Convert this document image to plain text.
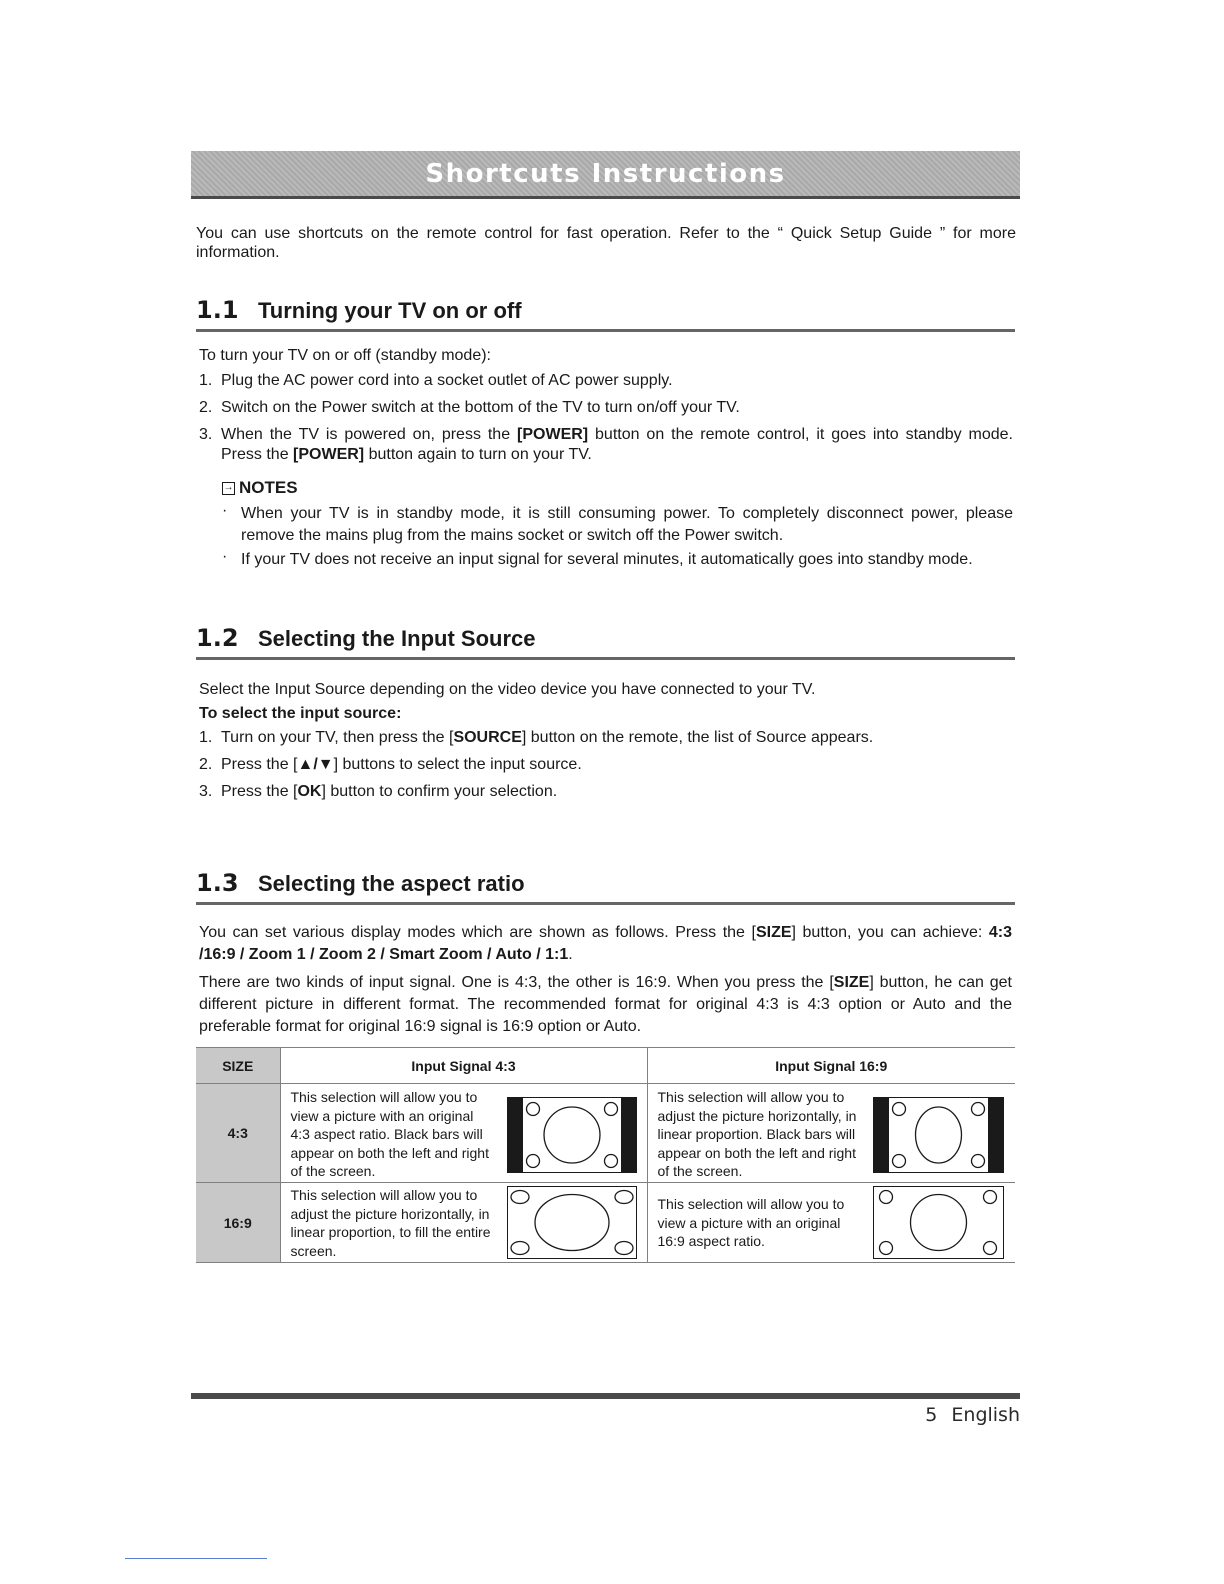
Shortcuts Instructions

You can use shortcuts on the remote control for fast operation. Refer to the “ Quick Setup Guide ” for more information.

1.1 Turning your TV on or off

To turn your TV on or off (standby mode):

1. Plug the AC power cord into a socket outlet of AC power supply.
2. Switch on the Power switch at the bottom of the TV to turn on/off your TV.
3. When the TV is powered on, press the [POWER] button on the remote control, it goes into standby mode. Press the [POWER] button again to turn on your TV.
→ NOTES
· When your TV is in standby mode, it is still consuming power. To completely disconnect power, please remove the mains plug from the mains socket or switch off the Power switch.
· If your TV does not receive an input signal for several minutes, it automatically goes into standby mode.
1.2 Selecting the Input Source

Select the Input Source depending on the video device you have connected to your TV.

To select the input source:

1. Turn on your TV, then press the [SOURCE] button on the remote, the list of Source appears.
2. Press the [▲/▼] buttons to select the input source.
3. Press the [OK] button to confirm your selection.
1.3 Selecting the aspect ratio

You can set various display modes which are shown as follows. Press the [SIZE] button, you can achieve: 4:3 /16:9 / Zoom 1 / Zoom 2 / Smart Zoom / Auto / 1:1.

There are two kinds of input signal. One is 4:3, the other is 16:9. When you press the [SIZE] button, he can get different picture in different format. The recommended format for original 4:3 is 4:3 option or Auto and the preferable format for original 16:9 signal is 16:9 option or Auto.

SIZE	Input Signal 4:3	Input Signal 16:9
4:3	This selection will allow you to view a picture with an original 4:3 aspect ratio. Black bars will appear on both the left and right of the screen.	This selection will allow you to adjust the picture horizontally, in linear proportion. Black bars will appear on both the left and right of the screen.

16:9	This selection will allow you to adjust the picture horizontally, in linear proportion, to fill the entire screen.	This selection will allow you to view a picture with an original 16:9 aspect ratio.
5 English
